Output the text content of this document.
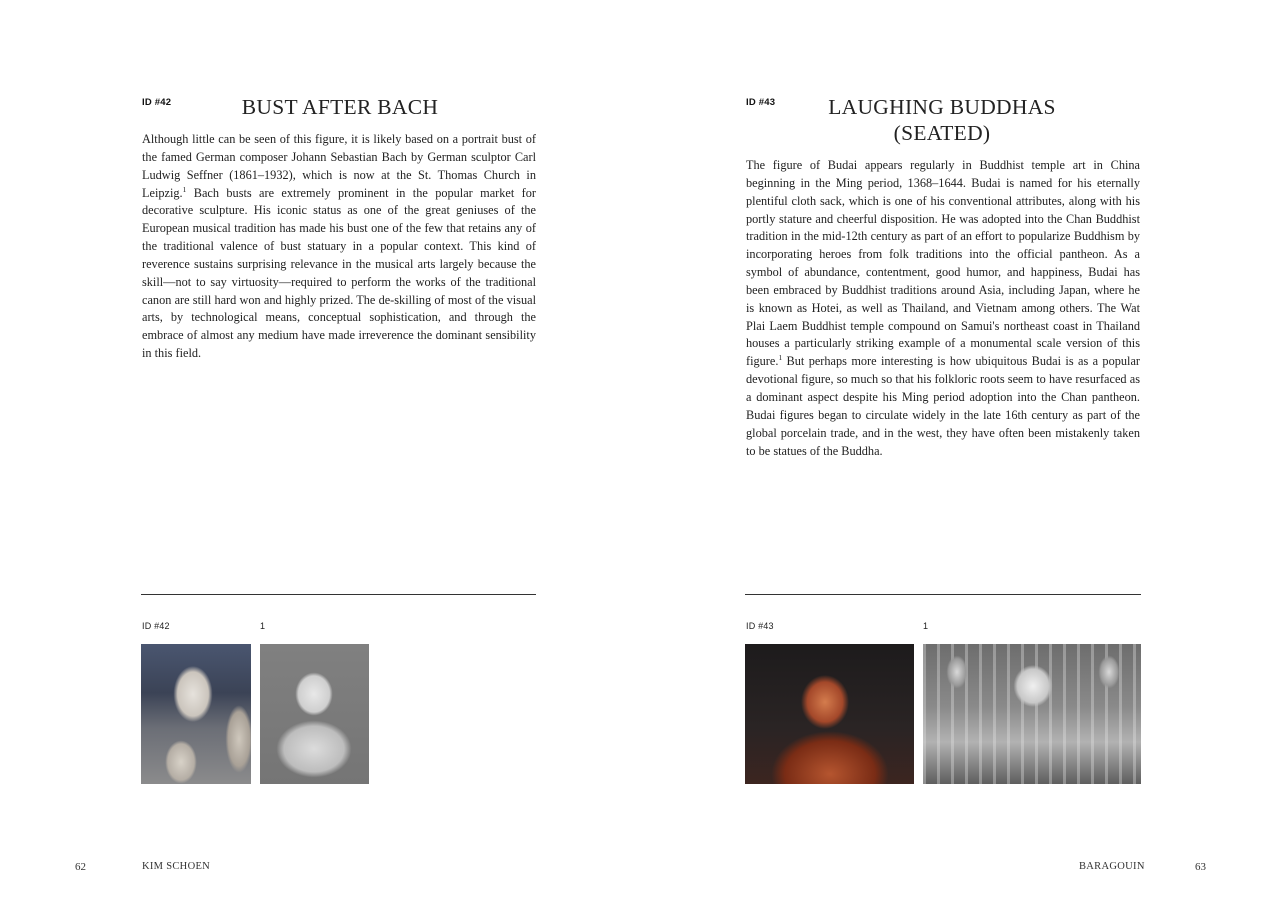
ID #42	BUST AFTER BACH

Although little can be seen of this figure, it is likely based on a portrait bust of the famed German composer Johann Sebastian Bach by German sculptor Carl Ludwig Seffner (1861–1932), which is now at the St. Thomas Church in Leipzig.$^1$ Bach busts are extremely prominent in the popular market for decorative sculpture. His iconic status as one of the great geniuses of the European musical tradition has made his bust one of the few that retains any of the traditional valence of bust statuary in a popular context. This kind of reverence sustains surprising relevance in the musical arts largely because the skill—not to say virtuosity—required to perform the works of the traditional canon are still hard won and highly prized. The de-skilling of most of the visual arts, by technological means, conceptual sophistication, and through the embrace of almost any medium have made irreverence the dominant sensibility in this field.

ID #42	1
62	KIM SCHOEN
ID #43	LAUGHING BUDDHAS
(SEATED)

The figure of Budai appears regularly in Buddhist temple art in China beginning in the Ming period, 1368–1644. Budai is named for his eternally plentiful cloth sack, which is one of his conventional attributes, along with his portly stature and cheerful disposition. He was adopted into the Chan Buddhist tradition in the mid-12th century as part of an effort to popularize Buddhism by incorporating heroes from folk traditions into the official pantheon. As a symbol of abundance, contentment, good humor, and happiness, Budai has been embraced by Buddhist traditions around Asia, including Japan, where he is known as Hotei, as well as Thailand, and Vietnam among others. The Wat Plai Laem Buddhist temple compound on Samui's northeast coast in Thailand houses a particularly striking example of a monumental scale version of this figure.$^1$ But perhaps more interesting is how ubiquitous Budai is as a popular devotional figure, so much so that his folkloric roots seem to have resurfaced as a dominant aspect despite his Ming period adoption into the Chan pantheon. Budai figures began to circulate widely in the late 16th century as part of the global porcelain trade, and in the west, they have often been mistakenly taken to be statues of the Buddha.

ID #43	1
BARAGOUIN	63
